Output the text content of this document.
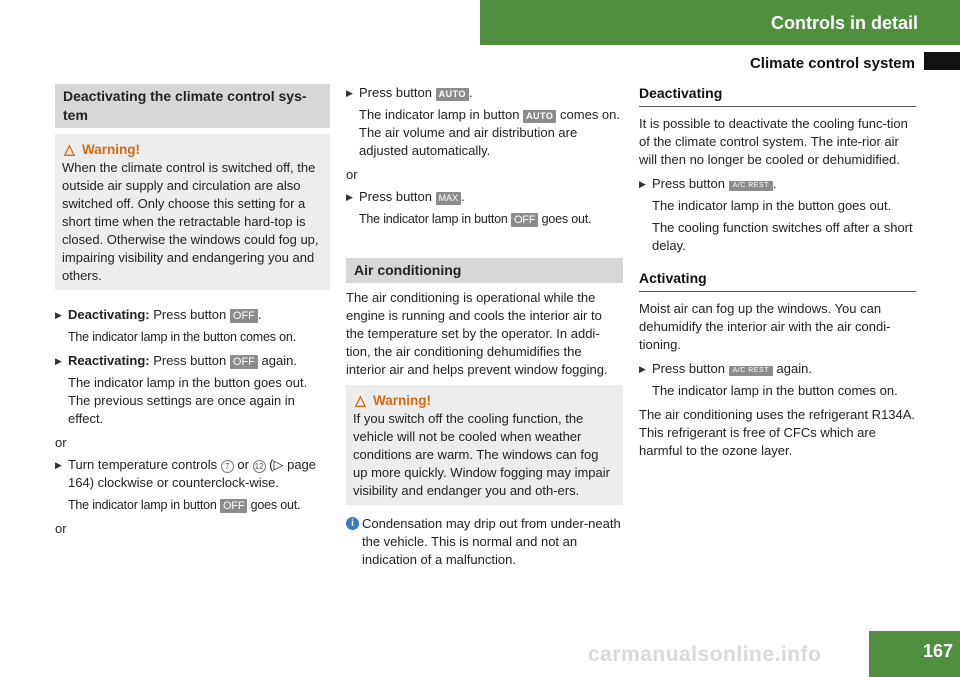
Controls in detail
Climate control system
Deactivating the climate control sys-tem
△ Warning!

When the climate control is switched off, the outside air supply and circulation are also switched off. Only choose this setting for a short time when the retractable hard-top is closed. Otherwise the windows could fog up, impairing visibility and endangering you and others.

▶ Deactivating: Press button OFF .
The indicator lamp in the button comes on.
▶ Reactivating: Press button OFF again.
The indicator lamp in the button goes out. The previous settings are once again in effect.
or
▶ Turn temperature controls 7 or 12 (▷ page 164) clockwise or counterclock-wise.
The indicator lamp in button OFF goes out.
or
▶ Press button AUTO .
The indicator lamp in button AUTO comes on. The air volume and air distribution are adjusted automatically.
or
▶ Press button MAX .
The indicator lamp in button OFF goes out.
Air conditioning
The air conditioning is operational while the engine is running and cools the interior air to the temperature set by the operator. In addi-tion, the air conditioning dehumidifies the interior air and helps prevent window fogging.
△ Warning!

If you switch off the cooling function, the vehicle will not be cooled when weather conditions are warm. The windows can fog up more quickly. Window fogging may impair visibility and endanger you and oth-ers.

i Condensation may drip out from under-neath the vehicle. This is normal and not an indication of a malfunction.
Deactivating
It is possible to deactivate the cooling func-tion of the climate control system. The inte-rior air will then no longer be cooled or dehumidified.
▶ Press button A/C REST .
The indicator lamp in the button goes out.
The cooling function switches off after a short delay.
Activating
Moist air can fog up the windows. You can dehumidify the interior air with the air condi-tioning.
▶ Press button A/C REST again.
The indicator lamp in the button comes on.
The air conditioning uses the refrigerant R134A. This refrigerant is free of CFCs which are harmful to the ozone layer.
carmanualsonline.info	167
